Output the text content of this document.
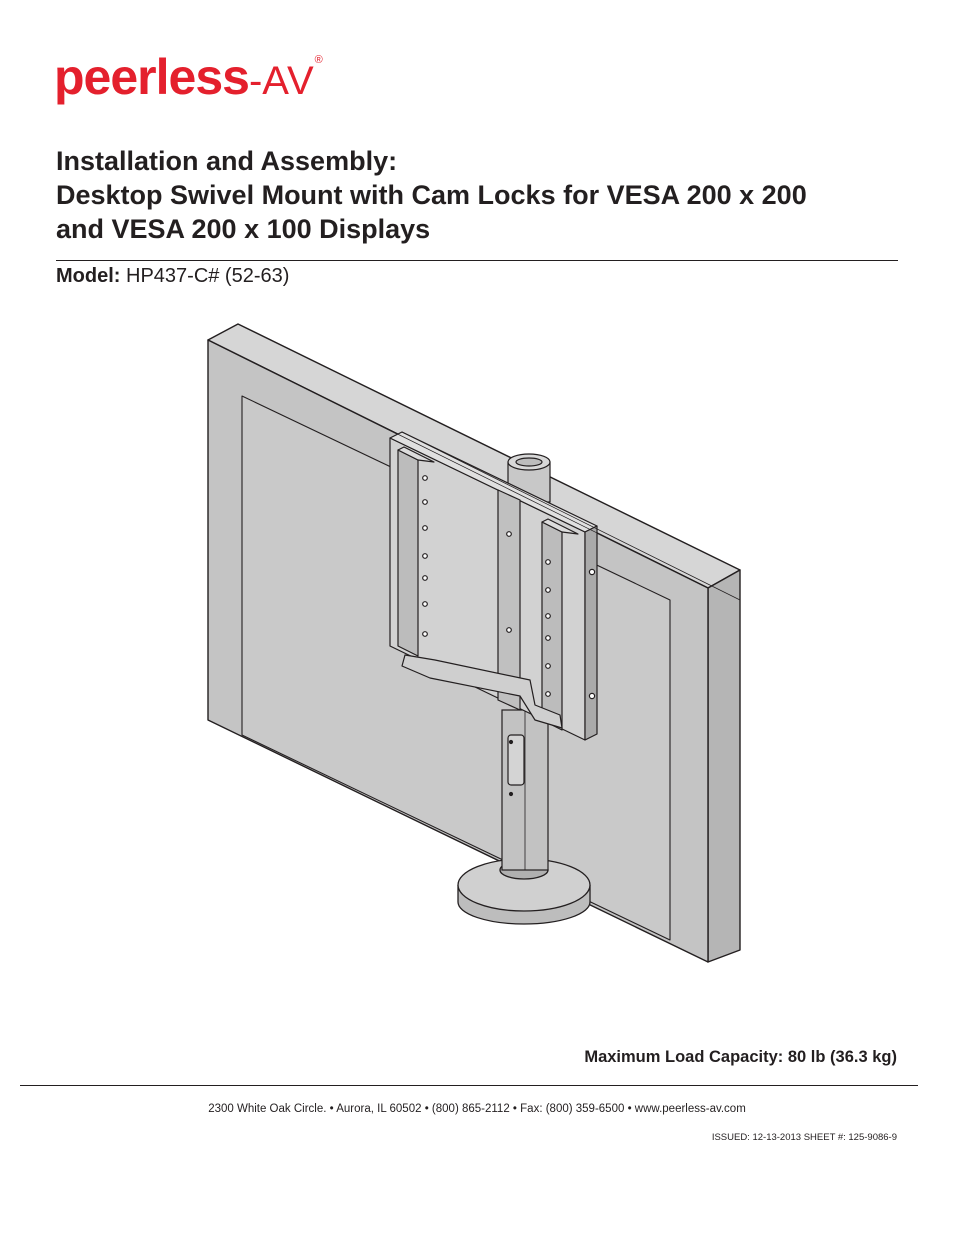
peerless-AV®
Installation and Assembly:
Desktop Swivel Mount with Cam Locks for VESA 200 x 200
and VESA 200 x 100 Displays
Model: HP437-C# (52-63)
Maximum Load Capacity: 80 lb (36.3 kg)
2300 White Oak Circle. • Aurora, IL 60502 • (800) 865-2112 • Fax: (800) 359-6500 • www.peerless-av.com
ISSUED: 12-13-2013 SHEET #: 125-9086-9
